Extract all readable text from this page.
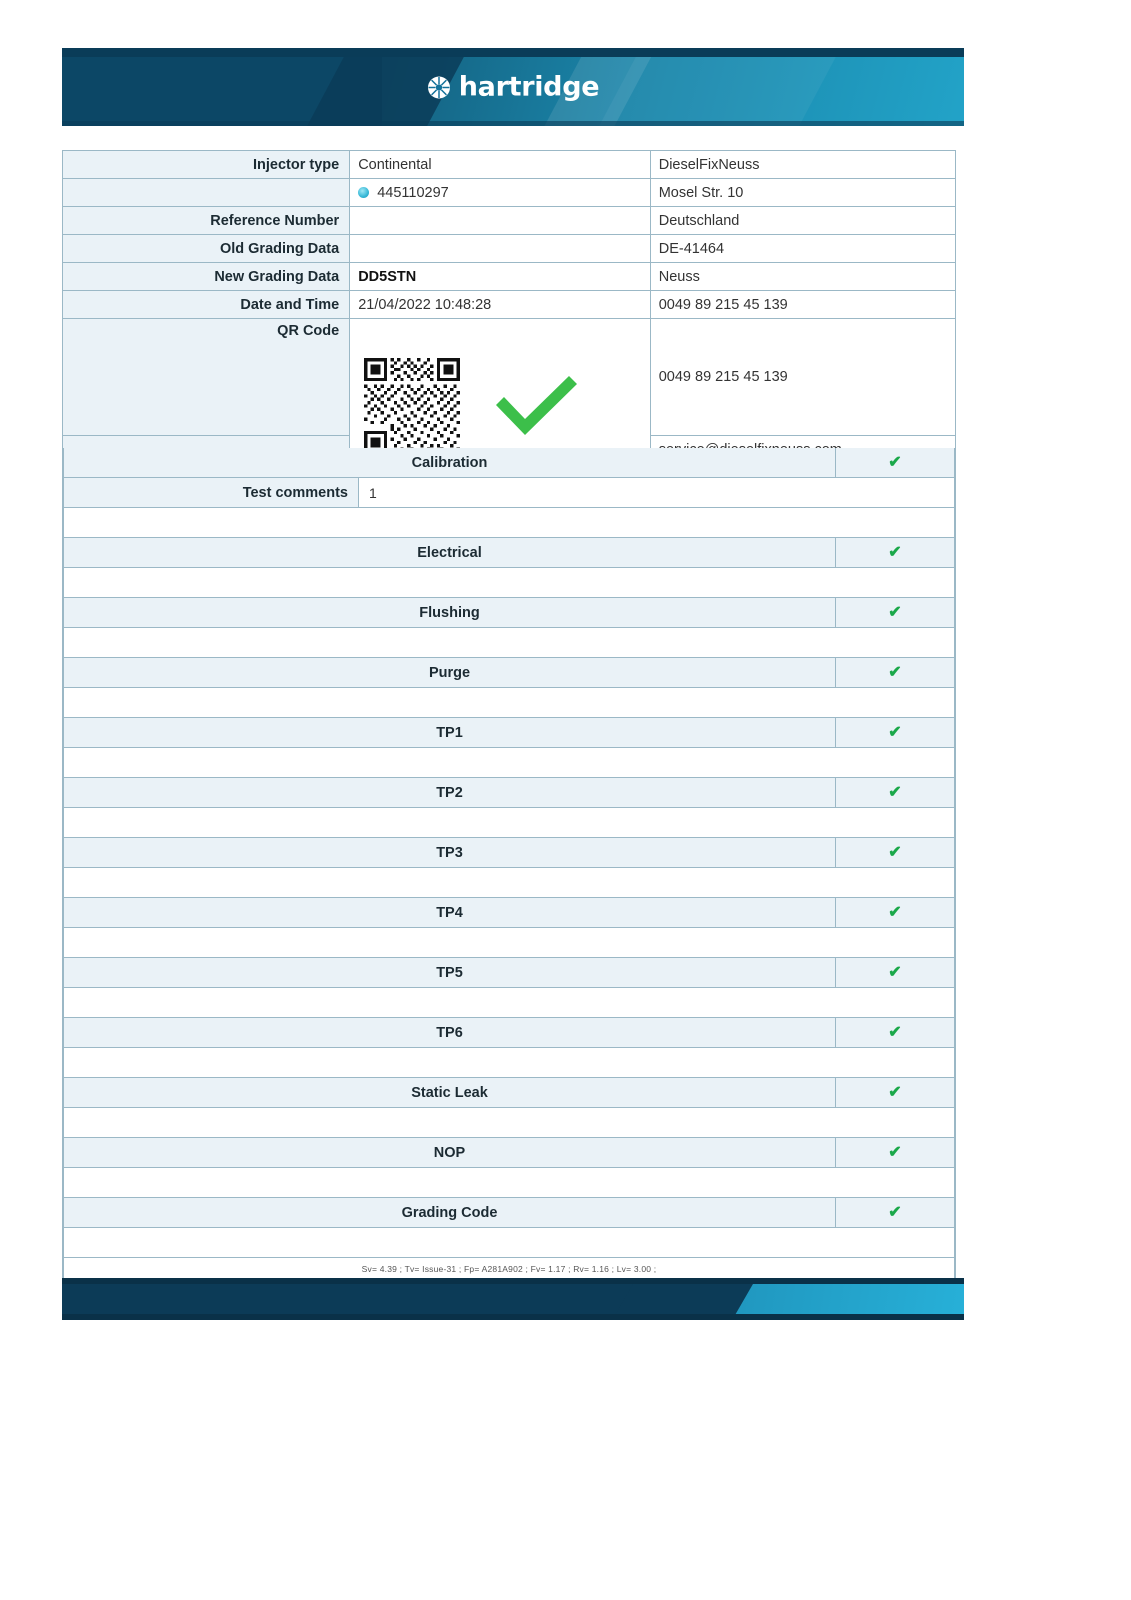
hartridge
Injector type	Continental	DieselFixNeuss

	445110297	Mosel Str. 10
Reference Number		Deutschland
Old Grading Data		DE-41464
New Grading Data	DD5STN	Neuss
Date and Time	21/04/2022 10:48:28	0049 89 215 45 139
QR Code		0049 89 215 45 139

Calibration	✔
Test comments	1
Electrical	✔
Flushing	✔
Purge	✔
TP1	✔
TP2	✔
TP3	✔
TP4	✔
TP5	✔
TP6	✔
Static Leak	✔
NOP	✔
Grading Code	✔
Sv= 4.39 ; Tv= Issue-31 ; Fp= A281A902 ; Fv= 1.17 ; Rv= 1.16 ; Lv= 3.00 ;
